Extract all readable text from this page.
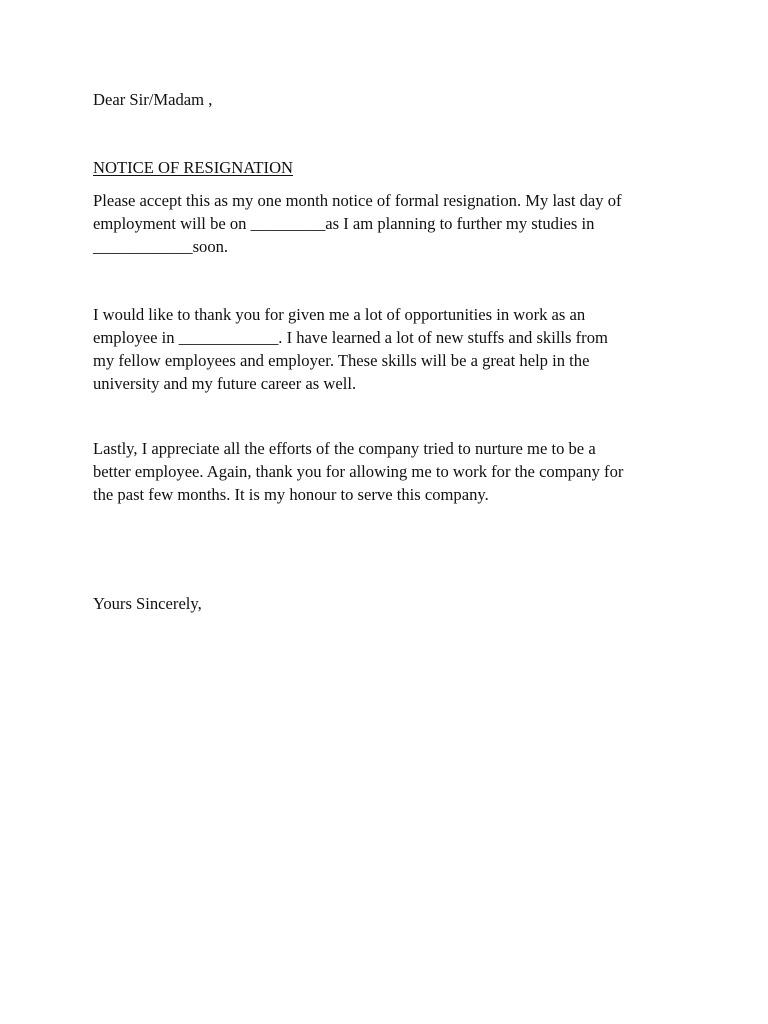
Dear Sir/Madam ,

NOTICE OF RESIGNATION

Please accept this as my one month notice of formal resignation. My last day of
employment will be on _________as I am planning to further my studies in
____________soon.

I would like to thank you for given me a lot of opportunities in work as an
employee in ____________. I have learned a lot of new stuffs and skills from
my fellow employees and employer. These skills will be a great help in the
university and my future career as well.

Lastly, I appreciate all the efforts of the company tried to nurture me to be a
better employee. Again, thank you for allowing me to work for the company for
the past few months. It is my honour to serve this company.

Yours Sincerely,
